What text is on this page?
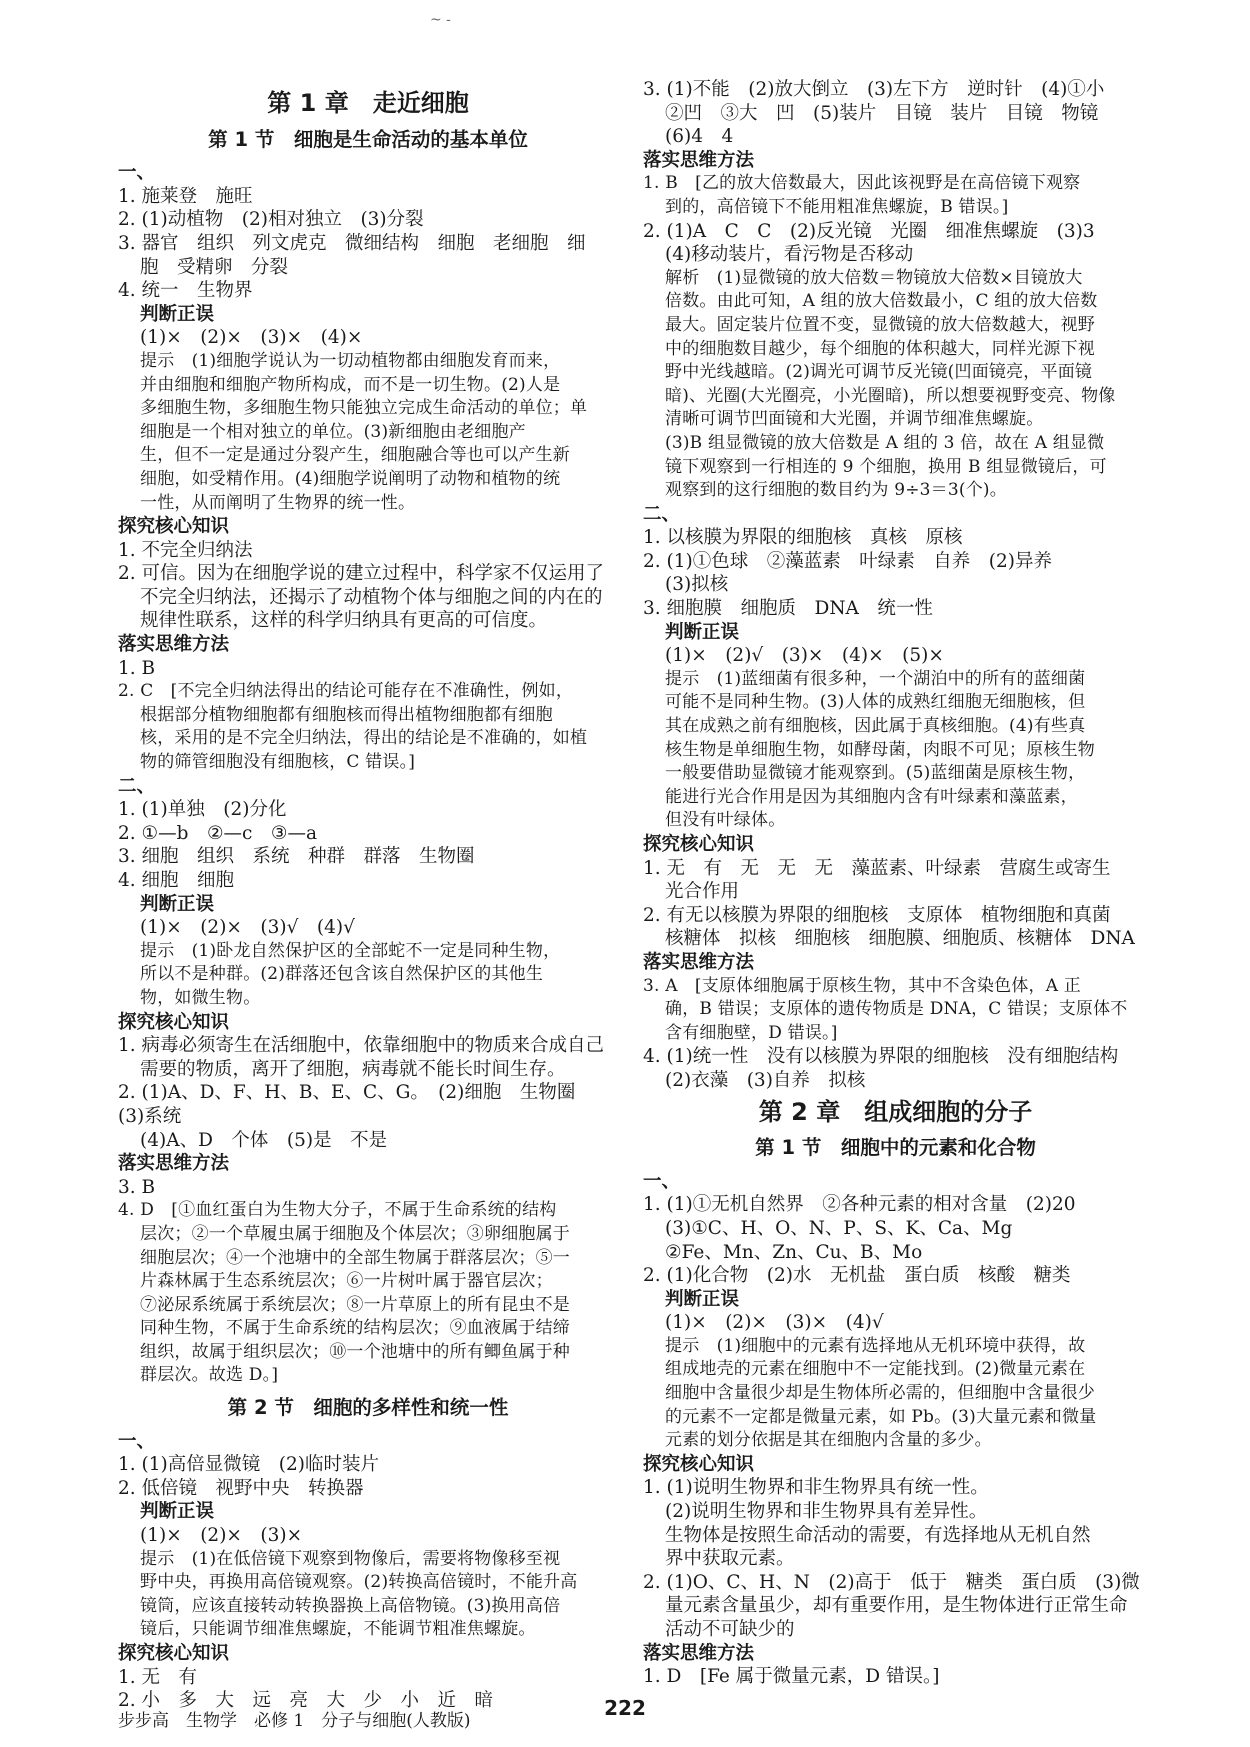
~ -
第 1 章　走近细胞
第 1 节　细胞是生命活动的基本单位
一、
1. 施莱登　施旺
2. (1)动植物　(2)相对独立　(3)分裂
3. 器官　组织　列文虎克　微细结构　细胞　老细胞　细
胞　受精卵　分裂
4. 统一　生物界
判断正误
(1)×　(2)×　(3)×　(4)×
提示　(1)细胞学说认为一切动植物都由细胞发育而来，
并由细胞和细胞产物所构成，而不是一切生物。(2)人是
多细胞生物，多细胞生物只能独立完成生命活动的单位；单
细胞是一个相对独立的单位。(3)新细胞由老细胞产
生，但不一定是通过分裂产生，细胞融合等也可以产生新
细胞，如受精作用。(4)细胞学说阐明了动物和植物的统
一性，从而阐明了生物界的统一性。
探究核心知识
1. 不完全归纳法
2. 可信。因为在细胞学说的建立过程中，科学家不仅运用了
不完全归纳法，还揭示了动植物个体与细胞之间的内在的
规律性联系，这样的科学归纳具有更高的可信度。
落实思维方法
1. B
2. C　[不完全归纳法得出的结论可能存在不准确性，例如，
根据部分植物细胞都有细胞核而得出植物细胞都有细胞
核，采用的是不完全归纳法，得出的结论是不准确的，如植
物的筛管细胞没有细胞核，C 错误。]
二、
1. (1)单独　(2)分化
2. ①—b　②—c　③—a
3. 细胞　组织　系统　种群　群落　生物圈
4. 细胞　细胞
判断正误
(1)×　(2)×　(3)√　(4)√
提示　(1)卧龙自然保护区的全部蛇不一定是同种生物，
所以不是种群。(2)群落还包含该自然保护区的其他生
物，如微生物。
探究核心知识
1. 病毒必须寄生在活细胞中，依靠细胞中的物质来合成自己
需要的物质，离开了细胞，病毒就不能长时间生存。
2. (1)A、D、F、H、B、E、C、G。　(2)细胞　生物圈　(3)系统
(4)A、D　个体　(5)是　不是
落实思维方法
3. B
4. D　[①血红蛋白为生物大分子，不属于生命系统的结构
层次；②一个草履虫属于细胞及个体层次；③卵细胞属于
细胞层次；④一个池塘中的全部生物属于群落层次；⑤一
片森林属于生态系统层次；⑥一片树叶属于器官层次；
⑦泌尿系统属于系统层次；⑧一片草原上的所有昆虫不是
同种生物，不属于生命系统的结构层次；⑨血液属于结缔
组织，故属于组织层次；⑩一个池塘中的所有鲫鱼属于种
群层次。故选 D。]
第 2 节　细胞的多样性和统一性
一、
1. (1)高倍显微镜　(2)临时装片
2. 低倍镜　视野中央　转换器
判断正误
(1)×　(2)×　(3)×
提示　(1)在低倍镜下观察到物像后，需要将物像移至视
野中央，再换用高倍镜观察。(2)转换高倍镜时，不能升高
镜筒，应该直接转动转换器换上高倍物镜。(3)换用高倍
镜后，只能调节细准焦螺旋，不能调节粗准焦螺旋。
探究核心知识
1. 无　有
2. 小　多　大　远　亮　大　少　小　近　暗
3. (1)不能　(2)放大倒立　(3)左下方　逆时针　(4)①小
②凹　③大　凹　(5)装片　目镜　装片　目镜　物镜
(6)4　4
落实思维方法
1. B　[乙的放大倍数最大，因此该视野是在高倍镜下观察
到的，高倍镜下不能用粗准焦螺旋，B 错误。]
2. (1)A　C　C　(2)反光镜　光圈　细准焦螺旋　(3)3
(4)移动装片，看污物是否移动
解析　(1)显微镜的放大倍数＝物镜放大倍数×目镜放大
倍数。由此可知，A 组的放大倍数最小，C 组的放大倍数
最大。固定装片位置不变，显微镜的放大倍数越大，视野
中的细胞数目越少，每个细胞的体积越大，同样光源下视
野中光线越暗。(2)调光可调节反光镜(凹面镜亮，平面镜
暗)、光圈(大光圈亮，小光圈暗)，所以想要视野变亮、物像
清晰可调节凹面镜和大光圈，并调节细准焦螺旋。
(3)B 组显微镜的放大倍数是 A 组的 3 倍，故在 A 组显微
镜下观察到一行相连的 9 个细胞，换用 B 组显微镜后，可
观察到的这行细胞的数目约为 9÷3＝3(个)。
二、
1. 以核膜为界限的细胞核　真核　原核
2. (1)①色球　②藻蓝素　叶绿素　自养　(2)异养
(3)拟核
3. 细胞膜　细胞质　DNA　统一性
判断正误
(1)×　(2)√　(3)×　(4)×　(5)×
提示　(1)蓝细菌有很多种，一个湖泊中的所有的蓝细菌
可能不是同种生物。(3)人体的成熟红细胞无细胞核，但
其在成熟之前有细胞核，因此属于真核细胞。(4)有些真
核生物是单细胞生物，如酵母菌，肉眼不可见；原核生物
一般要借助显微镜才能观察到。(5)蓝细菌是原核生物，
能进行光合作用是因为其细胞内含有叶绿素和藻蓝素，
但没有叶绿体。
探究核心知识
1. 无　有　无　无　无　藻蓝素、叶绿素　营腐生或寄生
光合作用
2. 有无以核膜为界限的细胞核　支原体　植物细胞和真菌
核糖体　拟核　细胞核　细胞膜、细胞质、核糖体　DNA
落实思维方法
3. A　[支原体细胞属于原核生物，其中不含染色体，A 正
确，B 错误；支原体的遗传物质是 DNA，C 错误；支原体不
含有细胞壁，D 错误。]
4. (1)统一性　没有以核膜为界限的细胞核　没有细胞结构
(2)衣藻　(3)自养　拟核
第 2 章　组成细胞的分子
第 1 节　细胞中的元素和化合物
一、
1. (1)①无机自然界　②各种元素的相对含量　(2)20
(3)①C、H、O、N、P、S、K、Ca、Mg
②Fe、Mn、Zn、Cu、B、Mo
2. (1)化合物　(2)水　无机盐　蛋白质　核酸　糖类
判断正误
(1)×　(2)×　(3)×　(4)√
提示　(1)细胞中的元素有选择地从无机环境中获得，故
组成地壳的元素在细胞中不一定能找到。(2)微量元素在
细胞中含量很少却是生物体所必需的，但细胞中含量很少
的元素不一定都是微量元素，如 Pb。(3)大量元素和微量
元素的划分依据是其在细胞内含量的多少。
探究核心知识
1. (1)说明生物界和非生物界具有统一性。
(2)说明生物界和非生物界具有差异性。
生物体是按照生命活动的需要，有选择地从无机自然
界中获取元素。
2. (1)O、C、H、N　(2)高于　低于　糖类　蛋白质　(3)微
量元素含量虽少，却有重要作用，是生物体进行正常生命
活动不可缺少的
落实思维方法
1. D　[Fe 属于微量元素，D 错误。]
步步高　生物学　必修 1　分子与细胞(人教版)
222
